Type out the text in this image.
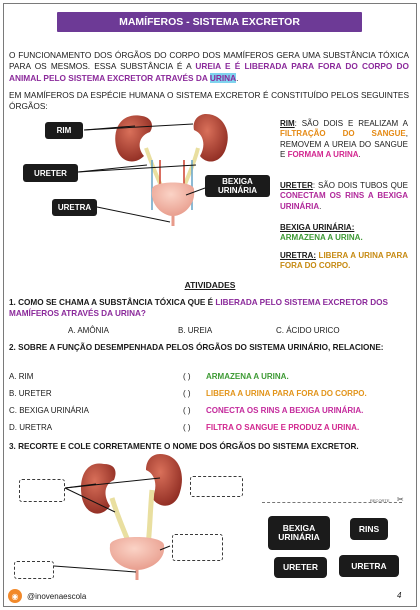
MAMÍFEROS - SISTEMA EXCRETOR
O FUNCIONAMENTO DOS ÓRGÃOS DO CORPO DOS MAMÍFEROS GERA UMA SUBSTÂNCIA TÓXICA PARA OS MESMOS. ESSA SUBSTÂNCIA É A UREIA E É LIBERADA PARA FORA DO CORPO DO ANIMAL PELO SISTEMA EXCRETOR ATRAVÉS DA URINA.
EM MAMÍFEROS DA ESPÉCIE HUMANA O SISTEMA EXCRETOR É CONSTITUÍDO PELOS SEGUINTES ÓRGÃOS:
RIM
URETER
URETRA
BEXIGA URINÁRIA
RIM: SÃO DOIS E REALIZAM A FILTRAÇÃO DO SANGUE, REMOVEM A UREIA DO SANGUE E FORMAM A URINA.
URETER: SÃO DOIS TUBOS QUE CONECTAM OS RINS A BEXIGA URINÁRIA.
BEXIGA URINÁRIA:
ARMAZENA A URINA.
URETRA: LIBERA A URINA PARA FORA DO CORPO.
ATIVIDADES
1. COMO SE CHAMA A SUBSTÂNCIA TÓXICA QUE É LIBERADA PELO SISTEMA EXCRETOR DOS MAMÍFEROS ATRAVÉS DA URINA?
A. AMÔNIA	B. UREIA	C. ÁCIDO URICO
2. SOBRE A FUNÇÃO DESEMPENHADA PELOS ÓRGÃOS DO SISTEMA URINÁRIO, RELACIONE:
A. RIM	( ) ARMAZENA A URINA.
B. URETER	( ) LIBERA A URINA PARA FORA DO CORPO.
C. BEXIGA URINÁRIA	( ) CONECTA OS RINS A BEXIGA URINÁRIA.
D. URETRA	( ) FILTRA O SANGUE E PRODUZ A URINA.
3. RECORTE E COLE CORRETAMENTE O NOME DOS ÓRGÃOS DO SISTEMA EXCRETOR.
RECORTE ✂
BEXIGA URINÁRIA
RINS
URETER	URETRA
◉	@inovenaescola	4
